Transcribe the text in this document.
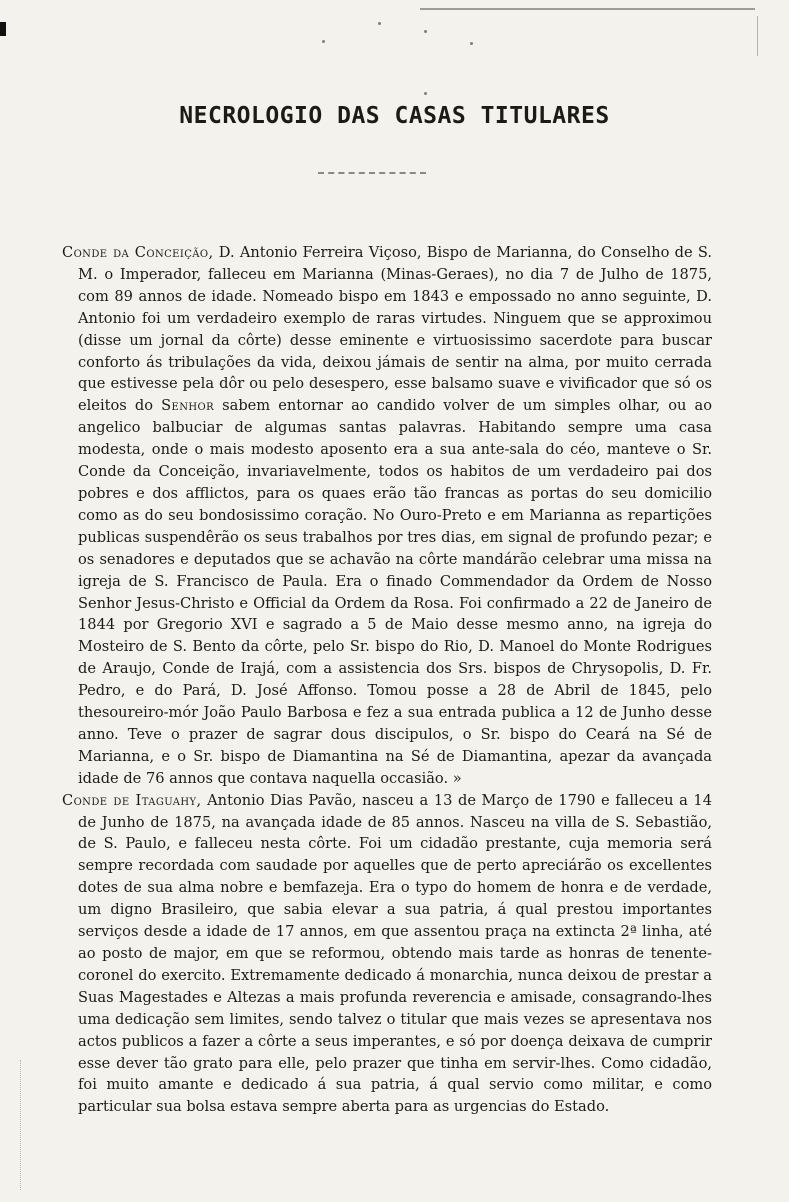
NECROLOGIO DAS CASAS TITULARES

Conde da Conceição, D. Antonio Ferreira Viçoso, Bispo de Marianna, do Conselho de S. M. o Imperador, falleceu em Marianna (Minas-Geraes), no dia 7 de Julho de 1875, com 89 annos de idade. Nomeado bispo em 1843 e empossado no anno seguinte, D. Antonio foi um verdadeiro exemplo de raras virtudes. Ninguem que se approximou (disse um jornal da côrte) desse eminente e virtuosissimo sacerdote para buscar conforto ás tribulações da vida, deixou jámais de sentir na alma, por muito cerrada que estivesse pela dôr ou pelo desespero, esse balsamo suave e vivificador que só os eleitos do Senhor sabem entornar ao candido volver de um simples olhar, ou ao angelico balbuciar de algumas santas palavras. Habitando sempre uma casa modesta, onde o mais modesto aposento era a sua ante-sala do céo, manteve o Sr. Conde da Conceição, invariavelmente, todos os habitos de um verdadeiro pai dos pobres e dos afflictos, para os quaes erão tão francas as portas do seu domicilio como as do seu bondosissimo coração. No Ouro-Preto e em Marianna as repartições publicas suspendêrão os seus trabalhos por tres dias, em signal de profundo pezar; e os senadores e deputados que se achavão na côrte mandárão celebrar uma missa na igreja de S. Francisco de Paula. Era o finado Commendador da Ordem de Nosso Senhor Jesus-Christo e Official da Ordem da Rosa. Foi confirmado a 22 de Janeiro de 1844 por Gregorio XVI e sagrado a 5 de Maio desse mesmo anno, na igreja do Mosteiro de S. Bento da côrte, pelo Sr. bispo do Rio, D. Manoel do Monte Rodrigues de Araujo, Conde de Irajá, com a assistencia dos Srs. bispos de Chrysopolis, D. Fr. Pedro, e do Pará, D. José Affonso. Tomou posse a 28 de Abril de 1845, pelo thesoureiro-mór João Paulo Barbosa e fez a sua entrada publica a 12 de Junho desse anno. Teve o prazer de sagrar dous discipulos, o Sr. bispo do Ceará na Sé de Marianna, e o Sr. bispo de Diamantina na Sé de Diamantina, apezar da avançada idade de 76 annos que contava naquella occasião. »

Conde de Itaguahy, Antonio Dias Pavão, nasceu a 13 de Março de 1790 e falleceu a 14 de Junho de 1875, na avançada idade de 85 annos. Nasceu na villa de S. Sebastião, de S. Paulo, e falleceu nesta côrte. Foi um cidadão prestante, cuja memoria será sempre recordada com saudade por aquelles que de perto apreciárão os excellentes dotes de sua alma nobre e bemfazeja. Era o typo do homem de honra e de verdade, um digno Brasileiro, que sabia elevar a sua patria, á qual prestou importantes serviços desde a idade de 17 annos, em que assentou praça na extincta 2ª linha, até ao posto de major, em que se reformou, obtendo mais tarde as honras de tenente-coronel do exercito. Extremamente dedicado á monarchia, nunca deixou de prestar a Suas Magestades e Altezas a mais profunda reverencia e amisade, consagrando-lhes uma dedicação sem limites, sendo talvez o titular que mais vezes se apresentava nos actos publicos a fazer a côrte a seus imperantes, e só por doença deixava de cumprir esse dever tão grato para elle, pelo prazer que tinha em servir-lhes. Como cidadão, foi muito amante e dedicado á sua patria, á qual servio como militar, e como particular sua bolsa estava sempre aberta para as urgencias do Estado.
